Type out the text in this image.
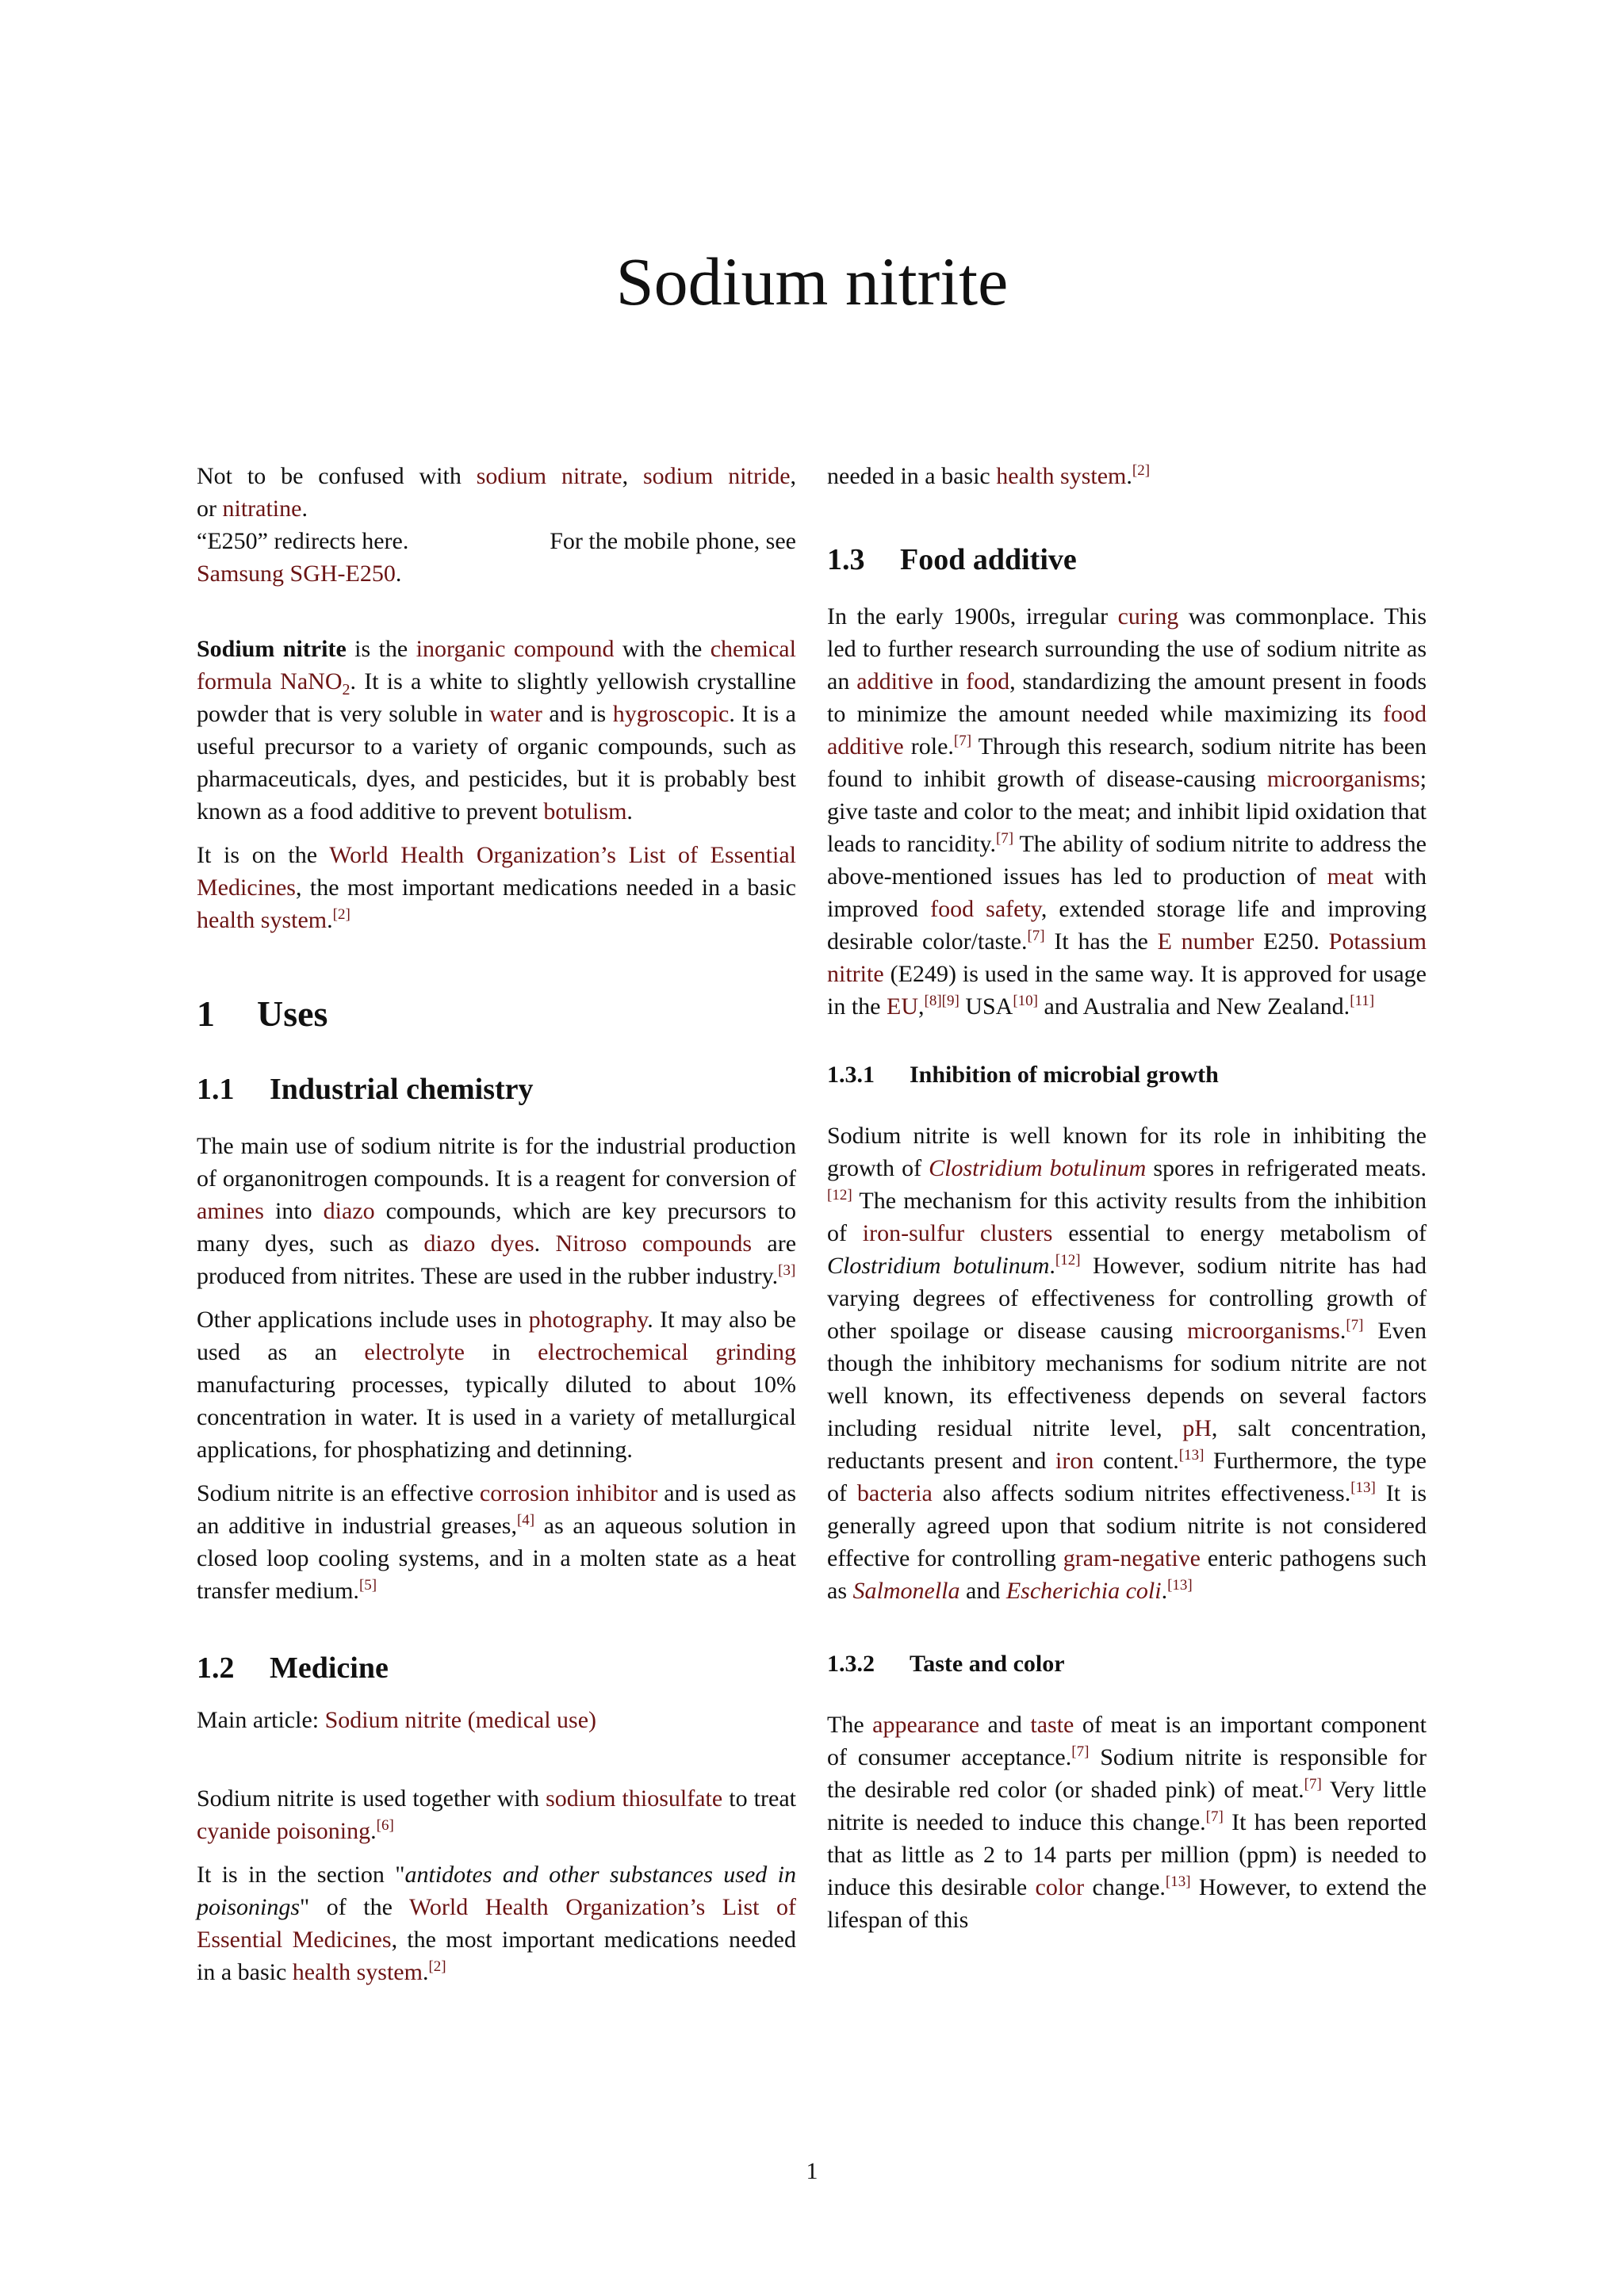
Sodium nitrite

Not to be confused with sodium nitrate, sodium nitride,

or nitratine.

“E250” redirects here.	For the mobile phone, see

Samsung SGH-E250.

Sodium nitrite is the inorganic compound with the chemical formula NaNO$_2$. It is a white to slightly yellowish crystalline powder that is very soluble in water and is hygroscopic. It is a useful precursor to a variety of organic compounds, such as pharmaceuticals, dyes, and pesticides, but it is probably best known as a food additive to prevent botulism.

It is on the World Health Organization’s List of Essential Medicines, the most important medications needed in a basic health system.[2]

1 Uses
1.1 Industrial chemistry

The main use of sodium nitrite is for the industrial production of organonitrogen compounds. It is a reagent for conversion of amines into diazo compounds, which are key precursors to many dyes, such as diazo dyes. Nitroso compounds are produced from nitrites. These are used in the rubber industry.[3]

Other applications include uses in photography. It may also be used as an electrolyte in electrochemical grinding manufacturing processes, typically diluted to about 10% concentration in water. It is used in a variety of metallurgical applications, for phosphatizing and detinning.

Sodium nitrite is an effective corrosion inhibitor and is used as an additive in industrial greases,[4] as an aqueous solution in closed loop cooling systems, and in a molten state as a heat transfer medium.[5]

1.2 Medicine

Main article: Sodium nitrite (medical use)

Sodium nitrite is used together with sodium thiosulfate to treat cyanide poisoning.[6]

It is in the section "antidotes and other substances used in poisonings" of the World Health Organization’s List of Essential Medicines, the most important medications needed in a basic health system.[2]

needed in a basic health system.[2]

1.3 Food additive

In the early 1900s, irregular curing was commonplace. This led to further research surrounding the use of sodium nitrite as an additive in food, standardizing the amount present in foods to minimize the amount needed while maximizing its food additive role.[7] Through this research, sodium nitrite has been found to inhibit growth of disease-causing microorganisms; give taste and color to the meat; and inhibit lipid oxidation that leads to rancidity.[7] The ability of sodium nitrite to address the above-mentioned issues has led to production of meat with improved food safety, extended storage life and improving desirable color/taste.[7] It has the E number E250. Potassium nitrite (E249) is used in the same way. It is approved for usage in the EU,[8][9] USA[10] and Australia and New Zealand.[11]

1.3.1 Inhibition of microbial growth

Sodium nitrite is well known for its role in inhibiting the growth of Clostridium botulinum spores in refrigerated meats.[12] The mechanism for this activity results from the inhibition of iron-sulfur clusters essential to energy metabolism of Clostridium botulinum.[12] However, sodium nitrite has had varying degrees of effectiveness for controlling growth of other spoilage or disease causing microorganisms.[7] Even though the inhibitory mechanisms for sodium nitrite are not well known, its effectiveness depends on several factors including residual nitrite level, pH, salt concentration, reductants present and iron content.[13] Furthermore, the type of bacteria also affects sodium nitrites effectiveness.[13] It is generally agreed upon that sodium nitrite is not considered effective for controlling gram-negative enteric pathogens such as Salmonella and Escherichia coli.[13]

1.3.2 Taste and color

The appearance and taste of meat is an important component of consumer acceptance.[7] Sodium nitrite is responsible for the desirable red color (or shaded pink) of meat.[7] Very little nitrite is needed to induce this change.[7] It has been reported that as little as 2 to 14 parts per million (ppm) is needed to induce this desirable color change.[13] However, to extend the lifespan of this

1
